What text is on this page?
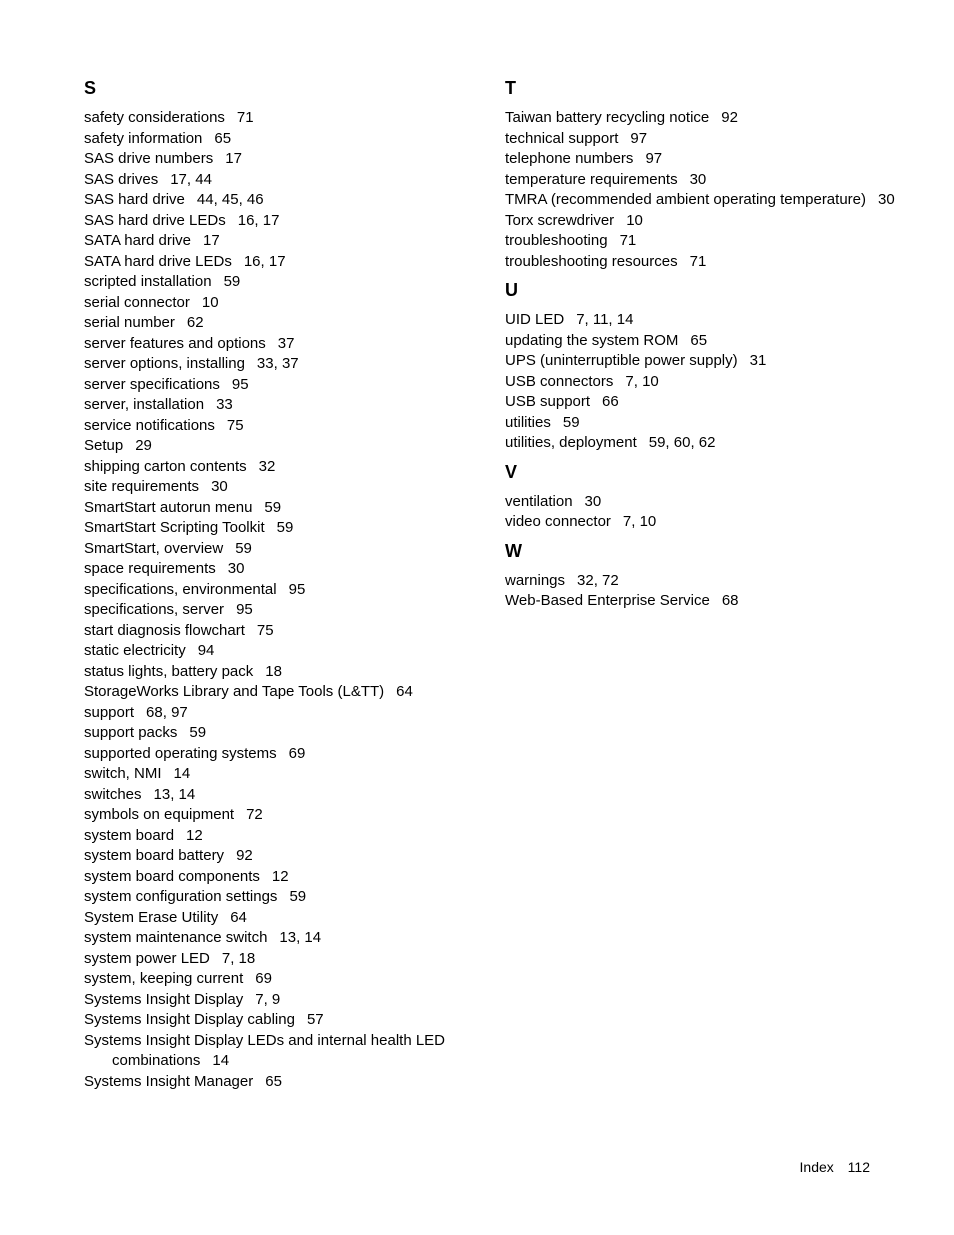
S
safety considerations 71
safety information 65
SAS drive numbers 17
SAS drives 17, 44
SAS hard drive 44, 45, 46
SAS hard drive LEDs 16, 17
SATA hard drive 17
SATA hard drive LEDs 16, 17
scripted installation 59
serial connector 10
serial number 62
server features and options 37
server options, installing 33, 37
server specifications 95
server, installation 33
service notifications 75
Setup 29
shipping carton contents 32
site requirements 30
SmartStart autorun menu 59
SmartStart Scripting Toolkit 59
SmartStart, overview 59
space requirements 30
specifications, environmental 95
specifications, server 95
start diagnosis flowchart 75
static electricity 94
status lights, battery pack 18
StorageWorks Library and Tape Tools (L&TT) 64
support 68, 97
support packs 59
supported operating systems 69
switch, NMI 14
switches 13, 14
symbols on equipment 72
system board 12
system board battery 92
system board components 12
system configuration settings 59
System Erase Utility 64
system maintenance switch 13, 14
system power LED 7, 18
system, keeping current 69
Systems Insight Display 7, 9
Systems Insight Display cabling 57
Systems Insight Display LEDs and internal health LED combinations 14
Systems Insight Manager 65
T
Taiwan battery recycling notice 92
technical support 97
telephone numbers 97
temperature requirements 30
TMRA (recommended ambient operating temperature) 30
Torx screwdriver 10
troubleshooting 71
troubleshooting resources 71
U
UID LED 7, 11, 14
updating the system ROM 65
UPS (uninterruptible power supply) 31
USB connectors 7, 10
USB support 66
utilities 59
utilities, deployment 59, 60, 62
V
ventilation 30
video connector 7, 10
W
warnings 32, 72
Web-Based Enterprise Service 68
Index 112
